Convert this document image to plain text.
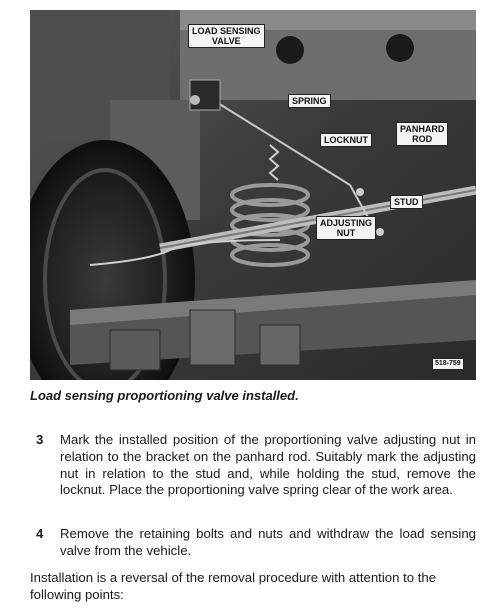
LOAD SENSING
VALVE
SPRING
LOCKNUT
PANHARD
ROD
STUD
ADJUSTING
NUT
518-759
Load sensing proportioning valve installed.
3 Mark the installed position of the proportioning valve adjusting nut in relation to the bracket on the panhard rod. Suitably mark the adjusting nut in relation to the stud and, while holding the stud, remove the locknut. Place the proportioning valve spring clear of the work area.
4 Remove the retaining bolts and nuts and withdraw the load sensing valve from the vehicle.
Installation is a reversal of the removal procedure with attention to the following points:
